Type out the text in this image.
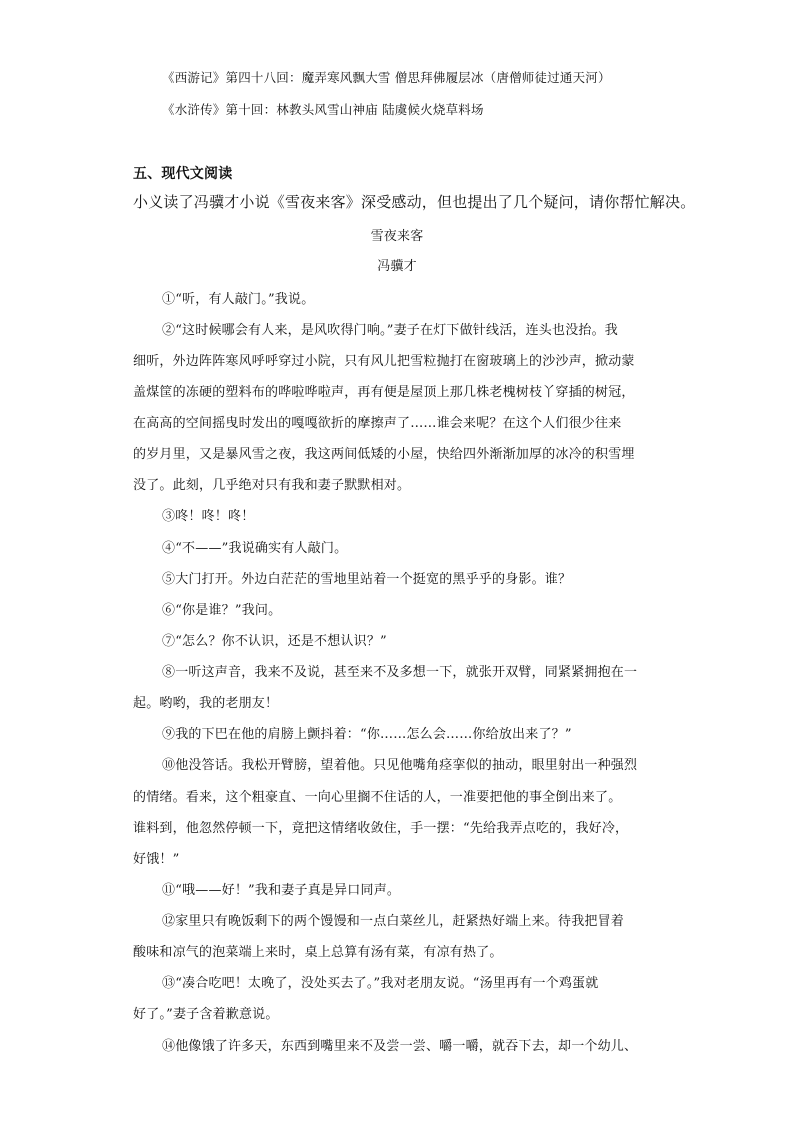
《西游记》第四十八回：魔弄寒风飘大雪 僧思拜佛履层冰（唐僧师徒过通天河）
《水浒传》第十回：林教头风雪山神庙 陆虞候火烧草料场
五、现代文阅读
小义读了冯骥才小说《雪夜来客》深受感动，但也提出了几个疑问，请你帮忙解决。
雪夜来客
冯骥才
①“听，有人敲门。”我说。
②“这时候哪会有人来，是风吹得门响。”妻子在灯下做针线活，连头也没抬。我
细听，外边阵阵寒风呼呼穿过小院，只有风儿把雪粒抛打在窗玻璃上的沙沙声，掀动蒙
盖煤筐的冻硬的塑料布的哗啦哗啦声，再有便是屋顶上那几株老槐树枝丫穿插的树冠，
在高高的空间摇曳时发出的嘎嘎欲折的摩擦声了……谁会来呢？在这个人们很少往来
的岁月里，又是暴风雪之夜，我这两间低矮的小屋，快给四外渐渐加厚的冰冷的积雪埋
没了。此刻，几乎绝对只有我和妻子默默相对。
③咚！咚！咚！
④“不——”我说确实有人敲门。
⑤大门打开。外边白茫茫的雪地里站着一个挺宽的黑乎乎的身影。谁？
⑥“你是谁？”我问。
⑦“怎么？你不认识，还是不想认识？”
⑧一听这声音，我来不及说，甚至来不及多想一下，就张开双臂，同紧紧拥抱在一
起。哟哟，我的老朋友！
⑨我的下巴在他的肩膀上颤抖着：“你……怎么会……你给放出来了？”
⑩他没答话。我松开臂膀，望着他。只见他嘴角痉挛似的抽动，眼里射出一种强烈
的情绪。看来，这个粗豪直、一向心里搁不住话的人，一准要把他的事全倒出来了。
谁料到，他忽然停顿一下，竟把这情绪收敛住，手一摆：“先给我弄点吃的，我好冷，
好饿！”
⑪“哦——好！”我和妻子真是异口同声。
⑫家里只有晚饭剩下的两个馒馒和一点白菜丝儿，赶紧热好端上来。待我把冒着
酸味和凉气的泡菜端上来时，桌上总算有汤有菜，有凉有热了。
⑬“凑合吃吧！太晚了，没处买去了。”我对老朋友说。“汤里再有一个鸡蛋就
好了。”妻子含着歉意说。
⑭他像饿了许多天，东西到嘴里来不及尝一尝、嚼一嚼，就吞下去，却一个幼儿、
